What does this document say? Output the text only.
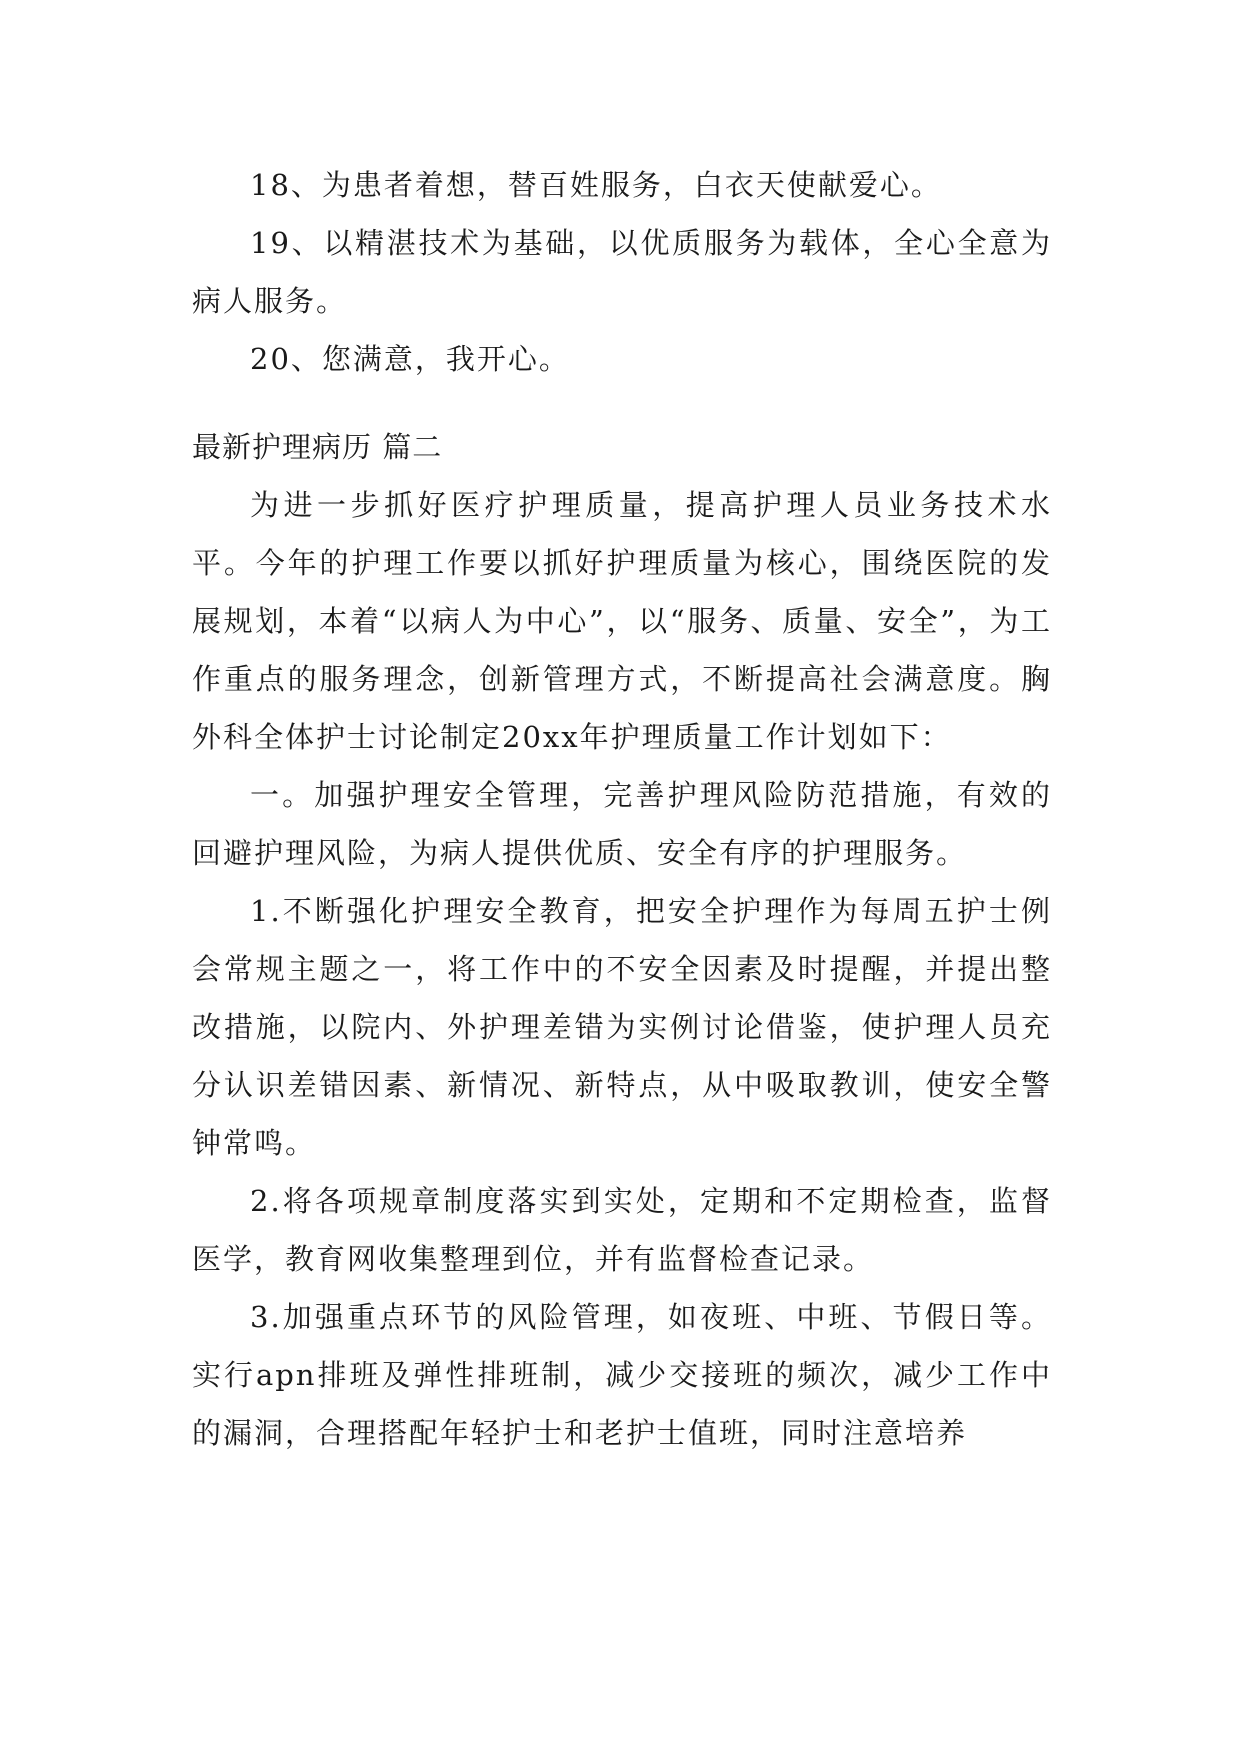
18、为患者着想，替百姓服务，白衣天使献爱心。

19、以精湛技术为基础，以优质服务为载体，全心全意为病人服务。

20、您满意，我开心。

最新护理病历 篇二

为进一步抓好医疗护理质量，提高护理人员业务技术水平。今年的护理工作要以抓好护理质量为核心，围绕医院的发展规划，本着“以病人为中心”，以“服务、质量、安全”，为工作重点的服务理念，创新管理方式，不断提高社会满意度。胸外科全体护士讨论制定20xx年护理质量工作计划如下：

一。加强护理安全管理，完善护理风险防范措施，有效的回避护理风险，为病人提供优质、安全有序的护理服务。

1.不断强化护理安全教育，把安全护理作为每周五护士例会常规主题之一，将工作中的不安全因素及时提醒，并提出整改措施，以院内、外护理差错为实例讨论借鉴，使护理人员充分认识差错因素、新情况、新特点，从中吸取教训，使安全警钟常鸣。

2.将各项规章制度落实到实处，定期和不定期检查，监督医学，教育网收集整理到位，并有监督检查记录。

3.加强重点环节的风险管理，如夜班、中班、节假日等。实行apn排班及弹性排班制，减少交接班的频次，减少工作中的漏洞，合理搭配年轻护士和老护士值班，同时注意培养
